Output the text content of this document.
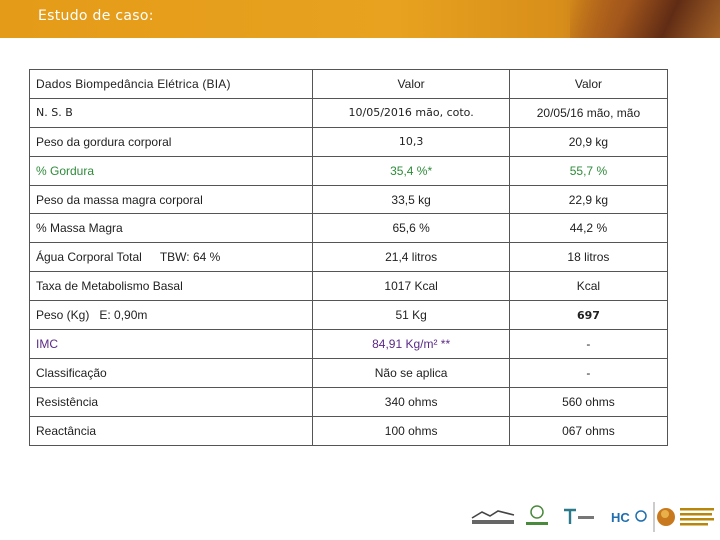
Estudo de caso:
Dados Biompedância Elétrica (BIA)	Valor	Valor
N. S. B	10/05/2016 mão, coto.	20/05/16 mão, mão
Peso da gordura corporal	10,3	20,9 kg
% Gordura	35,4 %*	55,7 %
Peso da massa magra corporal	33,5 kg	22,9 kg
% Massa Magra	65,6 %	44,2 %
Água Corporal Total TBW: 64 %	21,4 litros	18 litros
Taxa de Metabolismo Basal	1017 Kcal	Kcal
Peso (Kg) E: 0,90m	51 Kg	697
IMC	84,91 Kg/m² **	-
Classificação	Não se aplica	-
Resistência	340 ohms	560 ohms
Reactância	100 ohms	067 ohms
HC
